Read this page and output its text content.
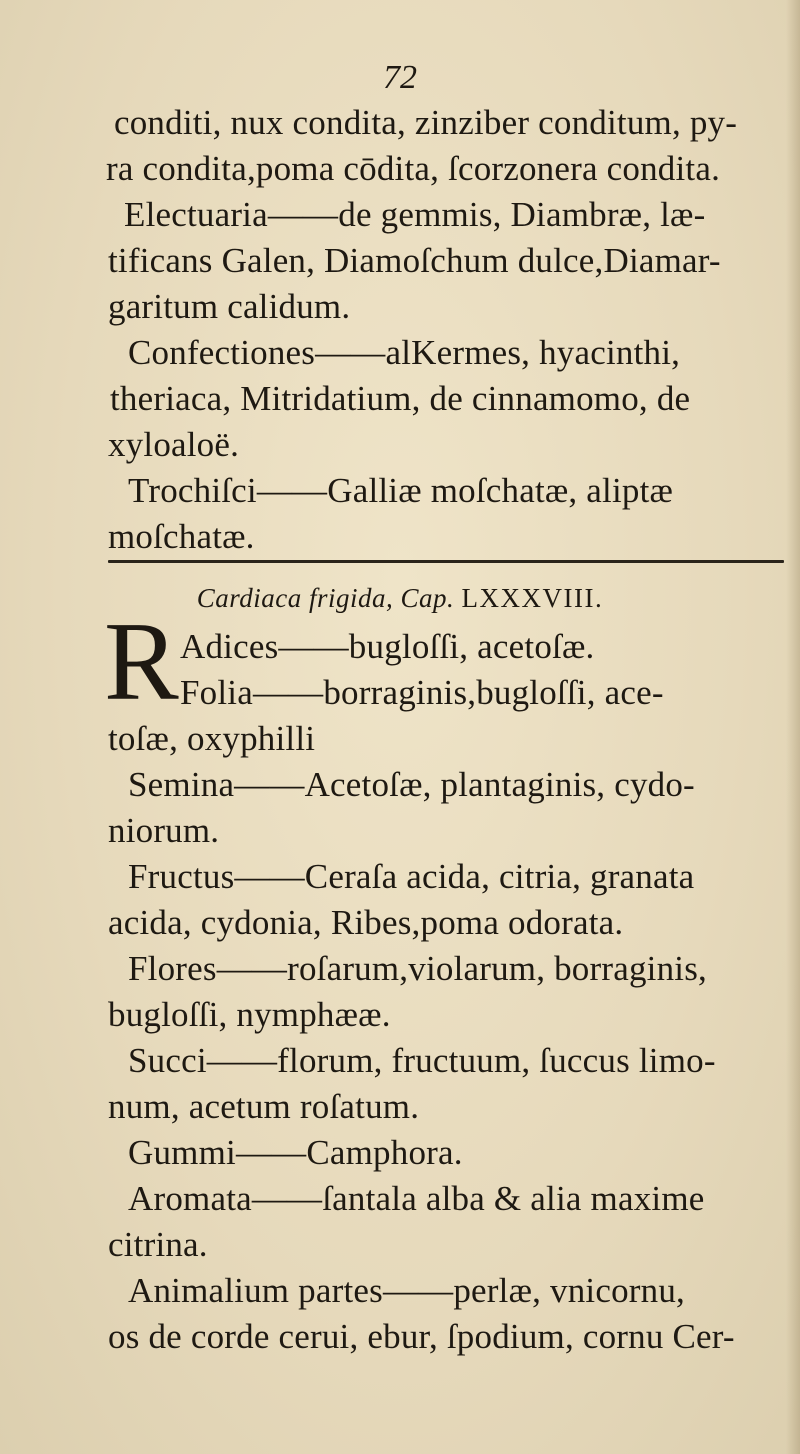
72
conditi, nux condita, zinziber conditum, py-
ra condita,poma cōdita, ſcorzonera condita.
Electuaria——de gemmis, Diambræ, læ-
tificans Galen, Diamoſchum dulce,Diamar-
garitum calidum.
Confectiones——alKermes, hyacinthi,
theriaca, Mitridatium, de cinnamomo, de
xyloaloë.
Trochiſci——Galliæ moſchatæ, aliptæ
moſchatæ.
Cardiaca frigida, Cap. LXXXVIII.
R Adices——bugloſſi, acetoſæ.
Folia——borraginis,bugloſſi, ace-
toſæ, oxyphilli
Semina——Acetoſæ, plantaginis, cydo-
niorum.
Fructus——Ceraſa acida, citria, granata
acida, cydonia, Ribes,poma odorata.
Flores——roſarum,violarum, borraginis,
bugloſſi, nymphææ.
Succi——florum, fructuum, ſuccus limo-
num, acetum roſatum.
Gummi——Camphora.
Aromata——ſantala alba & alia maxime
citrina.
Animalium partes——perlæ, vnicornu,
os de corde cerui, ebur, ſpodium, cornu Cer-
